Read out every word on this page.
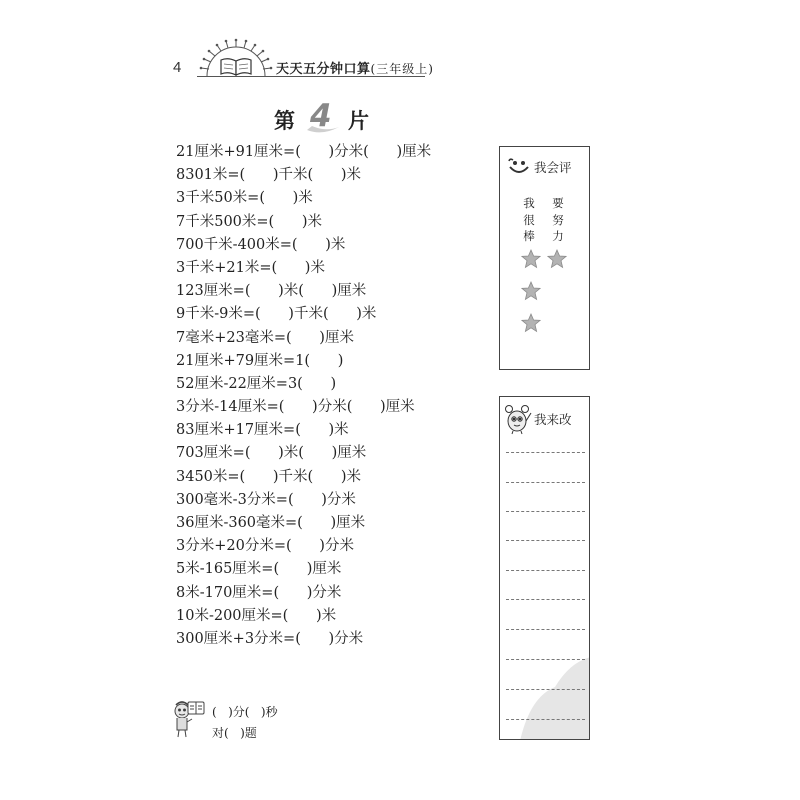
4	天天五分钟口算(三年级上)
第 4 片
21厘米+91厘米=(      )分米(      )厘米
8301米=(      )千米(      )米
3千米50米=(      )米
7千米500米=(      )米
700千米-400米=(      )米
3千米+21米=(      )米
123厘米=(      )米(      )厘米
9千米-9米=(      )千米(      )米
7毫米+23毫米=(      )厘米
21厘米+79厘米=1(      )
52厘米-22厘米=3(      )
3分米-14厘米=(      )分米(      )厘米
83厘米+17厘米=(      )米
703厘米=(      )米(      )厘米
3450米=(      )千米(      )米
300毫米-3分米=(      )分米
36厘米-360毫米=(      )厘米
3分米+20分米=(      )分米
5米-165厘米=(      )厘米
8米-170厘米=(      )分米
10米-200厘米=(      )米
300厘米+3分米=(      )分米
(   )分(   )秒
对(   )题
我会评
我
很
棒
要
努
力
我来改
